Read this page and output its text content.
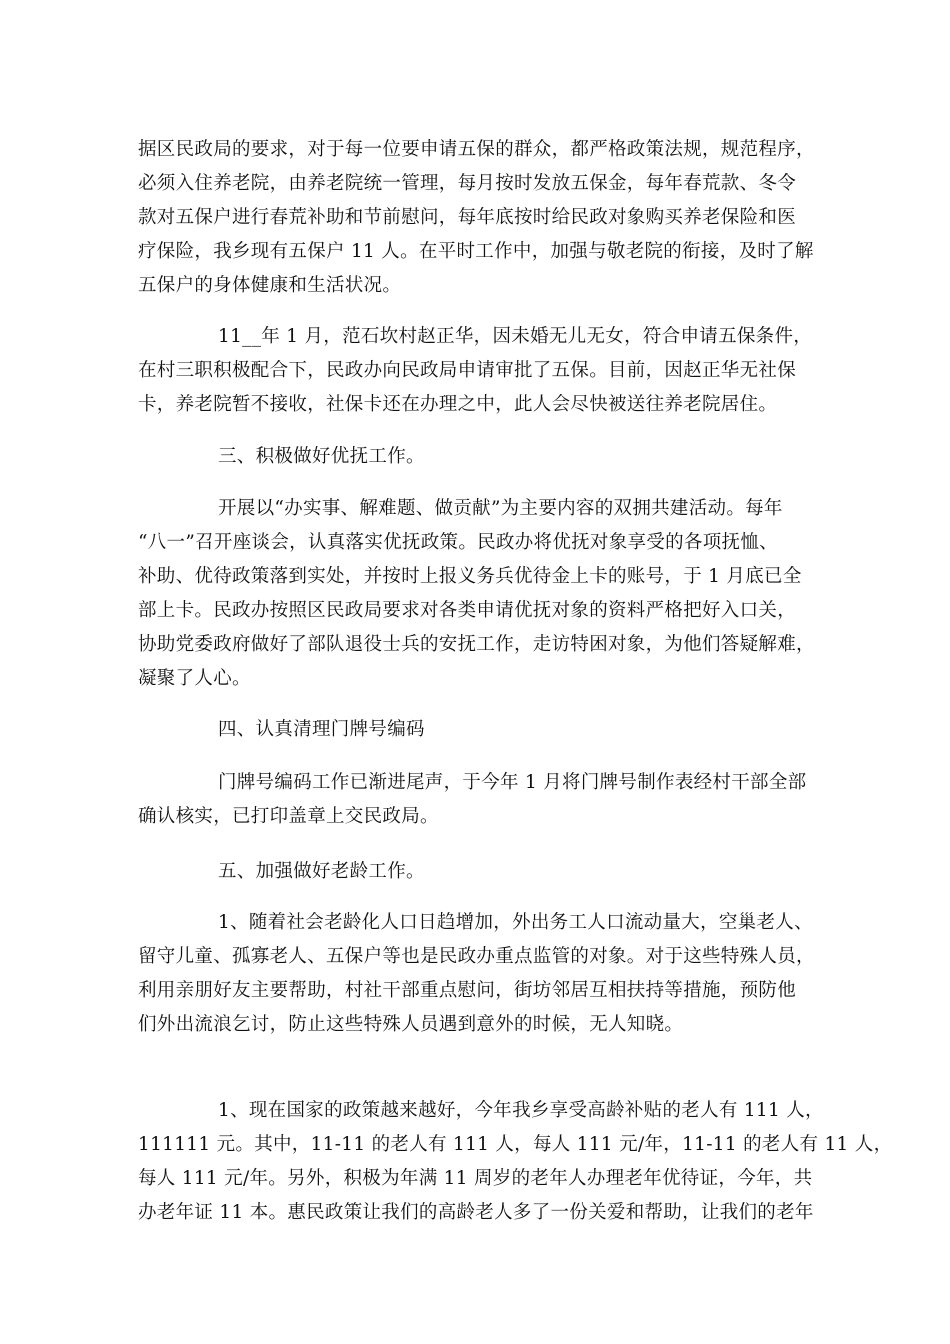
据区民政局的要求，对于每一位要申请五保的群众，都严格政策法规，规范程序，
必须入住养老院，由养老院统一管理，每月按时发放五保金，每年春荒款、冬令
款对五保户进行春荒补助和节前慰问，每年底按时给民政对象购买养老保险和医
疗保险，我乡现有五保户 11 人。在平时工作中，加强与敬老院的衔接，及时了解
五保户的身体健康和生活状况。
11__年 1 月，范石坎村赵正华，因未婚无儿无女，符合申请五保条件，
在村三职积极配合下，民政办向民政局申请审批了五保。目前，因赵正华无社保
卡，养老院暂不接收，社保卡还在办理之中，此人会尽快被送往养老院居住。
三、积极做好优抚工作。
开展以“办实事、解难题、做贡献”为主要内容的双拥共建活动。每年
“八一”召开座谈会，认真落实优抚政策。民政办将优抚对象享受的各项抚恤、
补助、优待政策落到实处，并按时上报义务兵优待金上卡的账号，于 1 月底已全
部上卡。民政办按照区民政局要求对各类申请优抚对象的资料严格把好入口关，
协助党委政府做好了部队退役士兵的安抚工作，走访特困对象，为他们答疑解难，
凝聚了人心。
四、认真清理门牌号编码
门牌号编码工作已渐进尾声，于今年 1 月将门牌号制作表经村干部全部
确认核实，已打印盖章上交民政局。
五、加强做好老龄工作。
1、随着社会老龄化人口日趋增加，外出务工人口流动量大，空巢老人、
留守儿童、孤寡老人、五保户等也是民政办重点监管的对象。对于这些特殊人员，
利用亲朋好友主要帮助，村社干部重点慰问，街坊邻居互相扶持等措施，预防他
们外出流浪乞讨，防止这些特殊人员遇到意外的时候，无人知晓。
1、现在国家的政策越来越好，今年我乡享受高龄补贴的老人有 111 人，
111111 元。其中，11-11 的老人有 111 人，每人 111 元/年，11-11 的老人有 11 人，
每人 111 元/年。另外，积极为年满 11 周岁的老年人办理老年优待证，今年，共
办老年证 11 本。惠民政策让我们的高龄老人多了一份关爱和帮助，让我们的老年
